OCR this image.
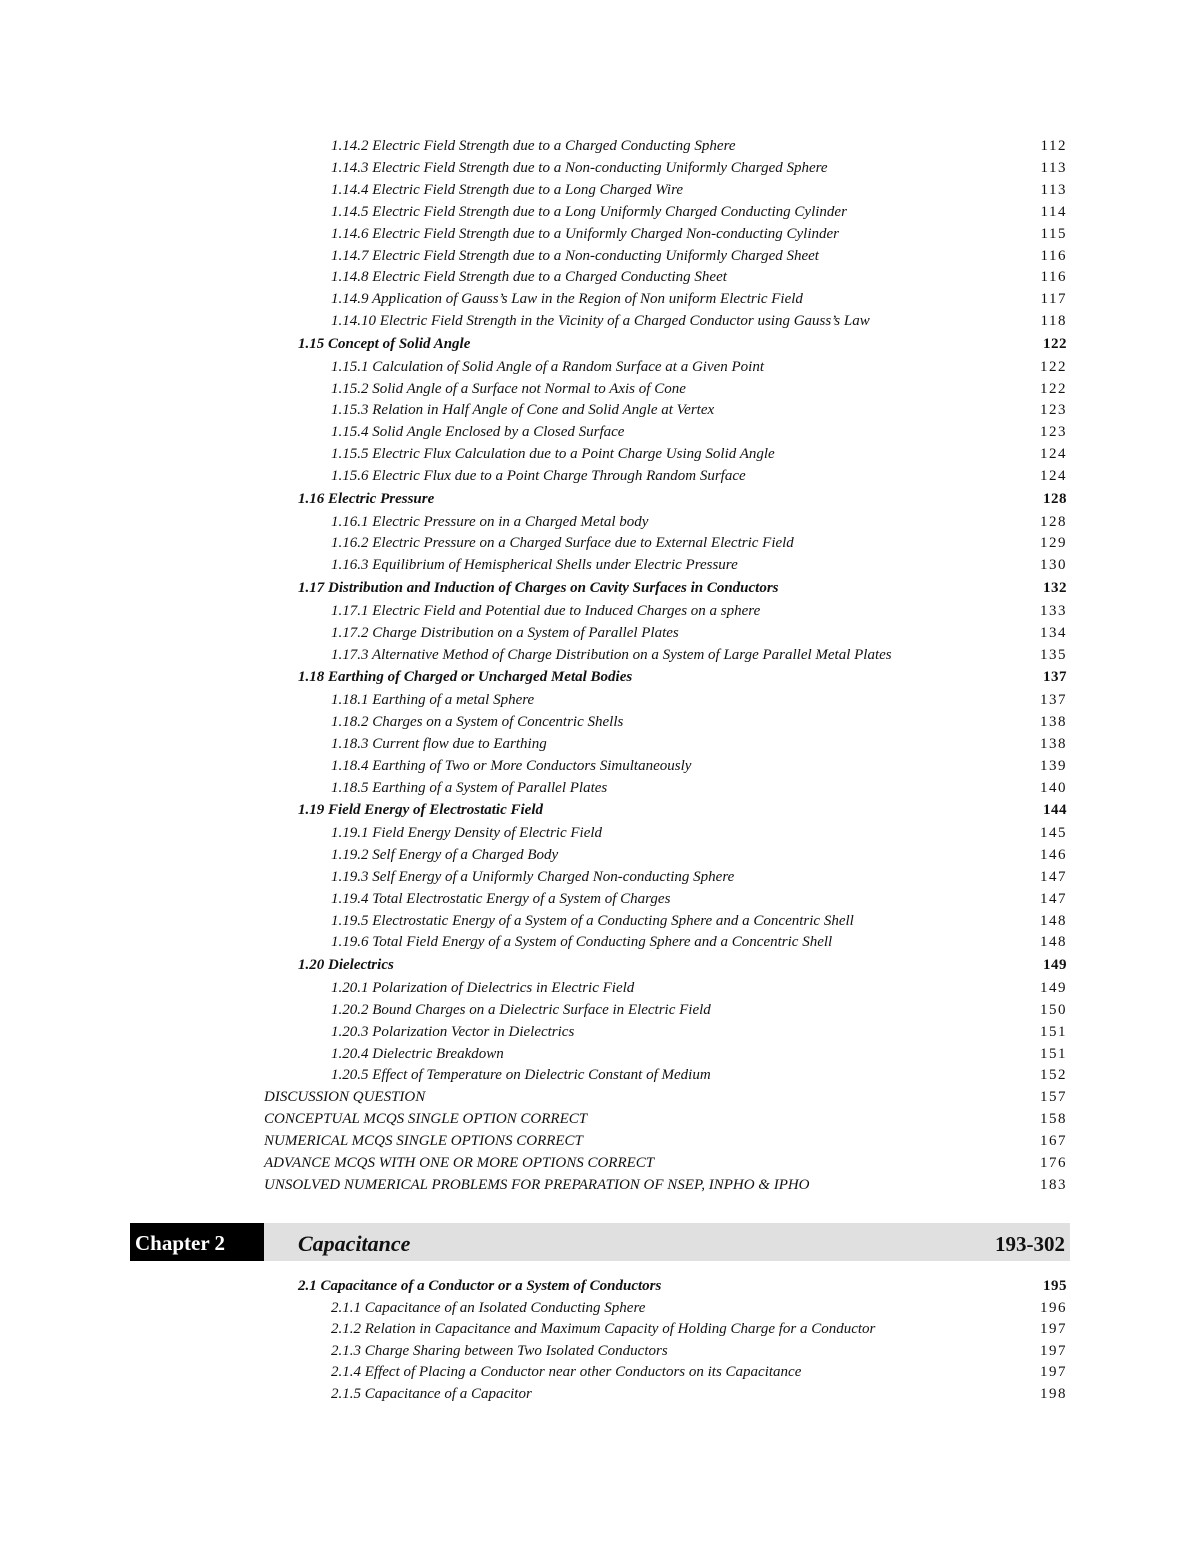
1.14.2 Electric Field Strength due to a Charged Conducting Sphere	112
1.14.3 Electric Field Strength due to a Non-conducting Uniformly Charged Sphere	113
1.14.4 Electric Field Strength due to a Long Charged Wire	113
1.14.5 Electric Field Strength due to a Long Uniformly Charged Conducting Cylinder	114
1.14.6 Electric Field Strength due to a Uniformly Charged Non-conducting Cylinder	115
1.14.7 Electric Field Strength due to a Non-conducting Uniformly Charged Sheet	116
1.14.8 Electric Field Strength due to a Charged Conducting Sheet	116
1.14.9 Application of Gauss’s Law in the Region of Non uniform Electric Field	117
1.14.10 Electric Field Strength in the Vicinity of a Charged Conductor using Gauss’s Law	118
1.15 Concept of Solid Angle	122
1.15.1 Calculation of Solid Angle of a Random Surface at a Given Point	122
1.15.2 Solid Angle of a Surface not Normal to Axis of Cone	122
1.15.3 Relation in Half Angle of Cone and Solid Angle at Vertex	123
1.15.4 Solid Angle Enclosed by a Closed Surface	123
1.15.5 Electric Flux Calculation due to a Point Charge Using Solid Angle	124
1.15.6 Electric Flux due to a Point Charge Through Random Surface	124
1.16 Electric Pressure	128
1.16.1 Electric Pressure on in a Charged Metal body	128
1.16.2 Electric Pressure on a Charged Surface due to External Electric Field	129
1.16.3 Equilibrium of Hemispherical Shells under Electric Pressure	130
1.17 Distribution and Induction of Charges on Cavity Surfaces in Conductors	132
1.17.1 Electric Field and Potential due to Induced Charges on a sphere	133
1.17.2 Charge Distribution on a System of Parallel Plates	134
1.17.3 Alternative Method of Charge Distribution on a System of Large Parallel Metal Plates	135
1.18 Earthing of Charged or Uncharged Metal Bodies	137
1.18.1 Earthing of a metal Sphere	137
1.18.2 Charges on a System of Concentric Shells	138
1.18.3 Current flow due to Earthing	138
1.18.4 Earthing of Two or More Conductors Simultaneously	139
1.18.5 Earthing of a System of Parallel Plates	140
1.19 Field Energy of Electrostatic Field	144
1.19.1 Field Energy Density of Electric Field	145
1.19.2 Self Energy of a Charged Body	146
1.19.3 Self Energy of a Uniformly Charged Non-conducting Sphere	147
1.19.4 Total Electrostatic Energy of a System of Charges	147
1.19.5 Electrostatic Energy of a System of a Conducting Sphere and a Concentric Shell	148
1.19.6 Total Field Energy of a System of Conducting Sphere and a Concentric Shell	148
1.20 Dielectrics	149
1.20.1 Polarization of Dielectrics in Electric Field	149
1.20.2 Bound Charges on a Dielectric Surface in Electric Field	150
1.20.3 Polarization Vector in Dielectrics	151
1.20.4 Dielectric Breakdown	151
1.20.5 Effect of Temperature on Dielectric Constant of Medium	152
DISCUSSION QUESTION	157
CONCEPTUAL MCQS SINGLE OPTION CORRECT	158
NUMERICAL MCQS SINGLE OPTIONS CORRECT	167
ADVANCE MCQS WITH ONE OR MORE OPTIONS CORRECT	176
UNSOLVED NUMERICAL PROBLEMS FOR PREPARATION OF NSEP, INPHO & IPHO	183
Chapter 2	Capacitance	193-302
2.1 Capacitance of a Conductor or a System of Conductors	195
2.1.1 Capacitance of an Isolated Conducting Sphere	196
2.1.2 Relation in Capacitance and Maximum Capacity of Holding Charge for a Conductor	197
2.1.3 Charge Sharing between Two Isolated Conductors	197
2.1.4 Effect of Placing a Conductor near other Conductors on its Capacitance	197
2.1.5 Capacitance of a Capacitor	198
